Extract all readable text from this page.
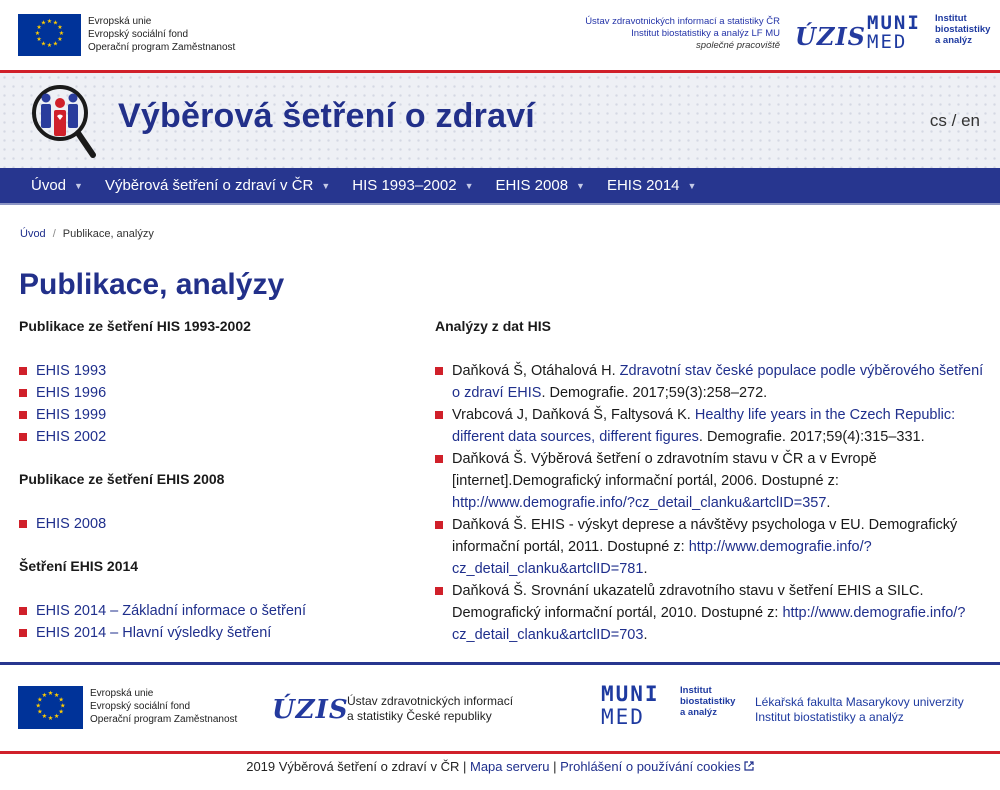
★ ★
★
★
★
★
★
★
★
★
★
★	Evropská unie
Evropský sociální fond
Operační program Zaměstnanost
Ústav zdravotnických informací a statistiky ČR
Institut biostatistiky a analýz LF MU
společné pracoviště ÚZIS MUNI
MED
Institut
biostatistiky
a analýz
Výběrová šetření o zdraví	cs / en
Úvod ▼ Výběrová šetření o zdraví v ČR ▼ HIS 1993–2002 ▼ EHIS 2008 ▼ EHIS 2014 ▼
Úvod / Publikace, analýzy
Publikace, analýzy
Publikace ze šetření HIS 1993-2002
EHIS 1993
EHIS 1996
EHIS 1999
EHIS 2002
Publikace ze šetření EHIS 2008
EHIS 2008
Šetření EHIS 2014
EHIS 2014 – Základní informace o šetření
EHIS 2014 – Hlavní výsledky šetření
Analýzy z dat HIS
Daňková Š, Otáhalová H. Zdravotní stav české populace podle výběrového šetření o zdraví EHIS. Demografie. 2017;59(3):258–272.
Vrabcová J, Daňková Š, Faltysová K. Healthy life years in the Czech Republic: different data sources, different figures. Demografie. 2017;59(4):315–331.
Daňková Š. Výběrová šetření o zdravotním stavu v ČR a v Evropě [internet].Demografický informační portál, 2006. Dostupné z: http://www.demografie.info/?cz_detail_clanku&artclID=357.
Daňková Š. EHIS - výskyt deprese a návštěvy psychologa v EU. Demografický informační portál, 2011. Dostupné z: http://www.demografie.info/?cz_detail_clanku&artclID=781.
Daňková Š. Srovnání ukazatelů zdravotního stavu v šetření EHIS a SILC. Demografický informační portál, 2010. Dostupné z: http://www.demografie.info/?cz_detail_clanku&artclID=703.
★ ★
★
★
★
★
★
★
★
★
★
★	Evropská unie
Evropský sociální fond
Operační program Zaměstnanost ÚZIS
Ústav zdravotnických informací
a statistiky České republiky
MUNI
MED
Institut
biostatistiky
a analýz
Lékařská fakulta Masarykovy univerzity
Institut biostatistiky a analýz
2019 Výběrová šetření o zdraví v ČR | Mapa serveru | Prohlášení o používání cookies
